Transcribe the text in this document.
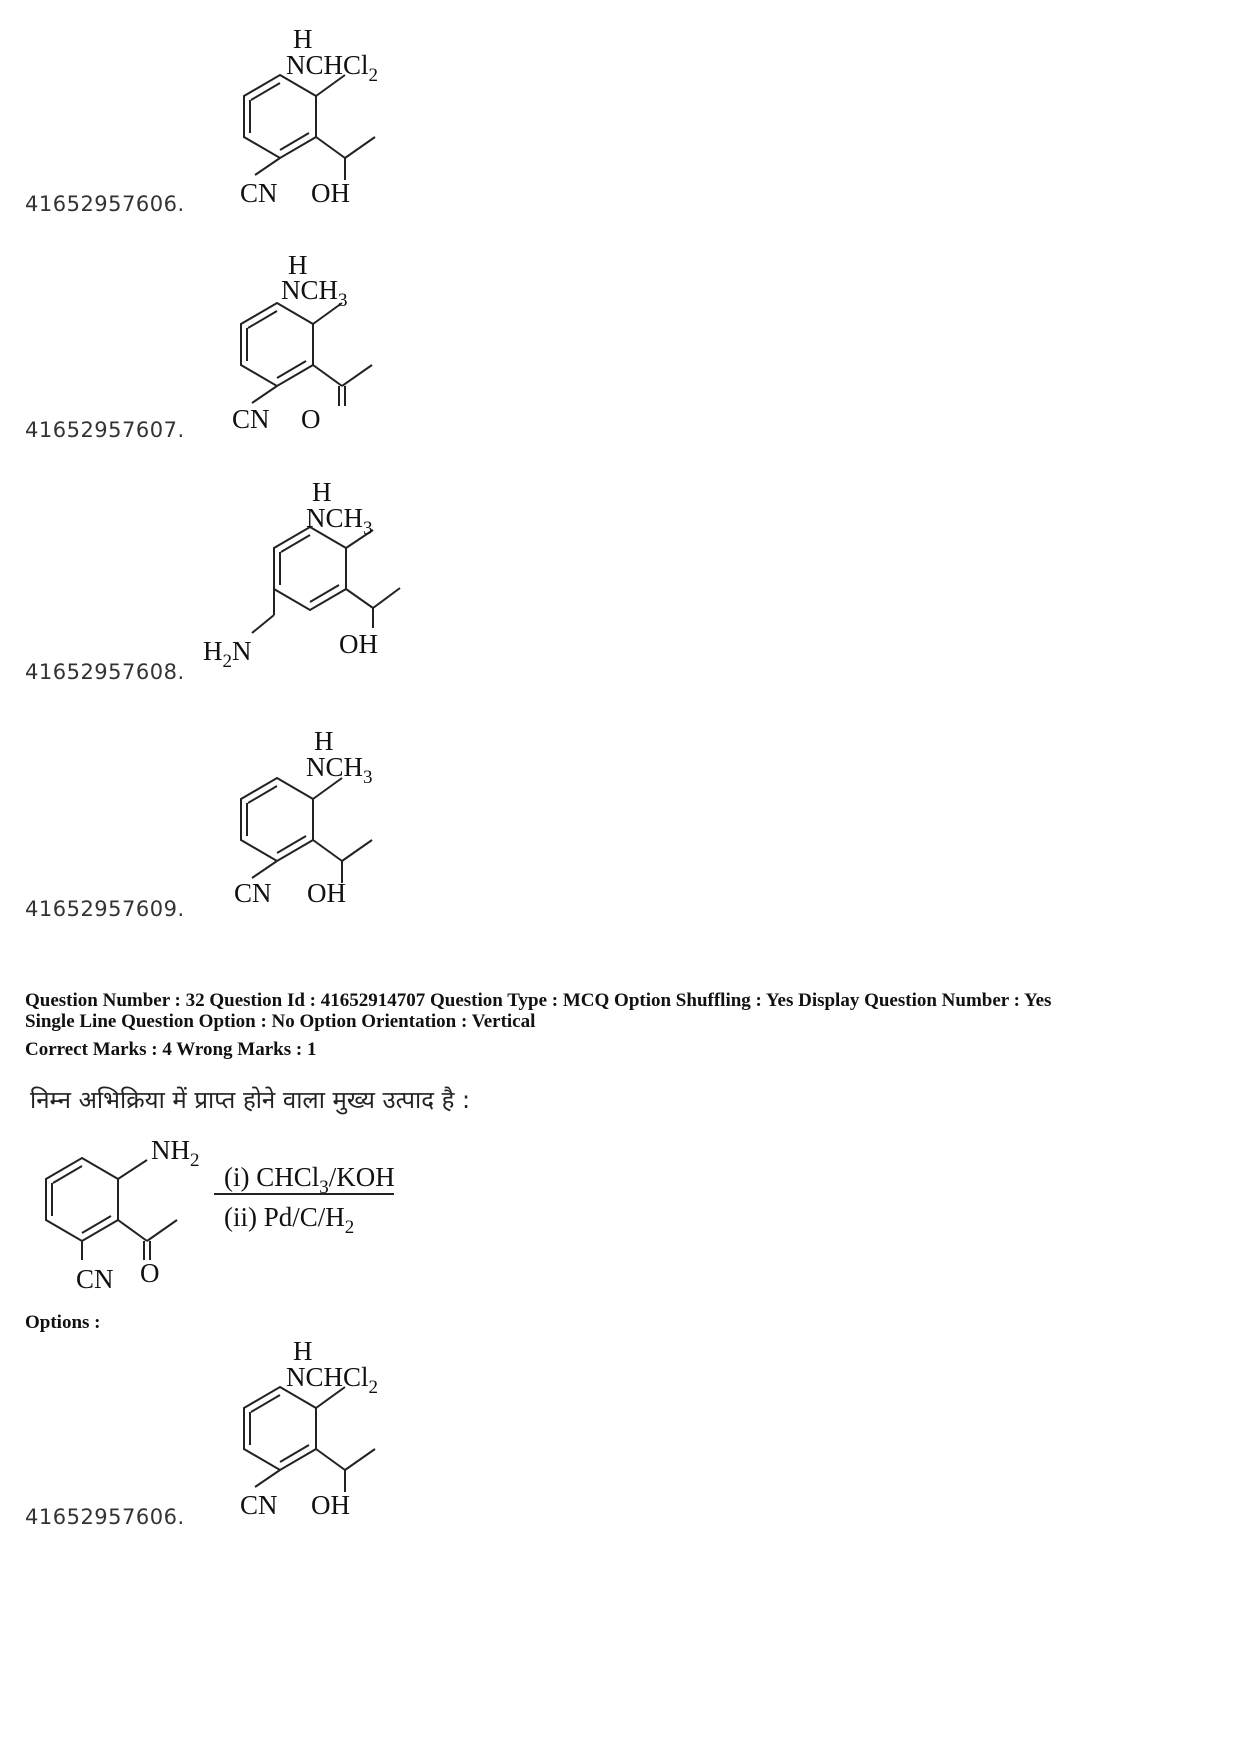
41652957606.
H
NCHCl$_2$
CN OH
41652957607.
H
$NCH_3$
CN O
41652957608.
H
$NCH_3$
OH
$H_2N$
41652957609.
H
$NCH_3$
CN OH
Question Number : 32 Question Id : 41652914707 Question Type : MCQ Option Shuffling : Yes Display Question Number : Yes
Single Line Question Option : No Option Orientation : Vertical
Correct Marks : 4 Wrong Marks : 1
निम्न अभिक्रिया में प्राप्त होने वाला मुख्य उत्पाद है :
$NH_2$
CN O
(i) CHCl$_3$/KOH
(ii) $Pd/C/H_2$
Options :
41652957606.
H
NCHCl$_2$
CN OH
